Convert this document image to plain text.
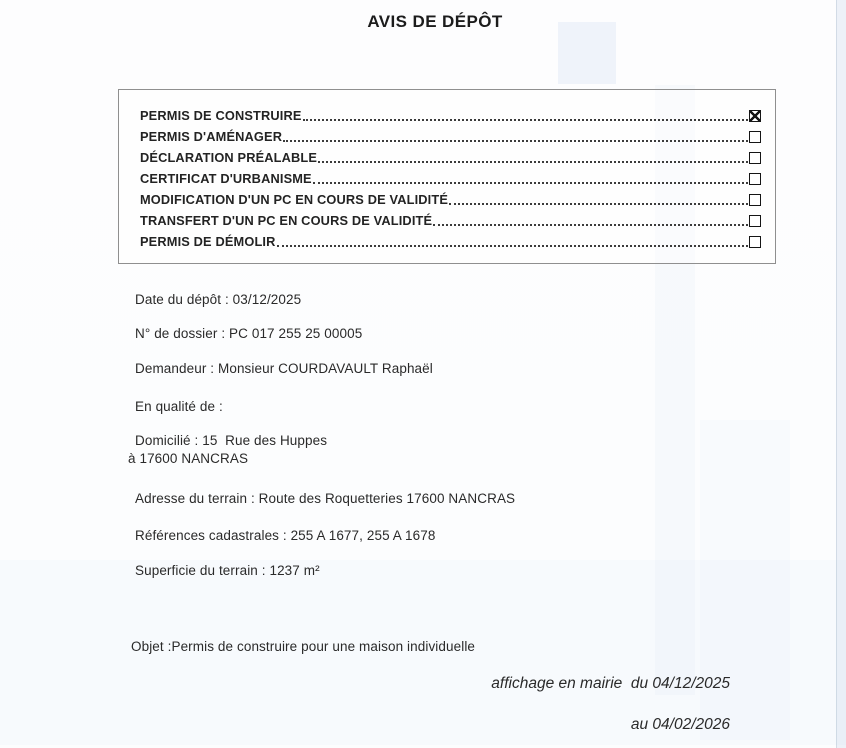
AVIS DE DÉPÔT
PERMIS DE CONSTRUIRE
PERMIS D'AMÉNAGER
DÉCLARATION PRÉALABLE
CERTIFICAT D'URBANISME
MODIFICATION D'UN PC EN COURS DE VALIDITÉ
TRANSFERT D'UN PC EN COURS DE VALIDITÉ
PERMIS DE DÉMOLIR
Date du dépôt : 03/12/2025
N° de dossier : PC 017 255 25 00005
Demandeur : Monsieur COURDAVAULT Raphaël
En qualité de :
Domicilié : 15  Rue des Huppes
à 17600 NANCRAS
Adresse du terrain : Route des Roquetteries 17600 NANCRAS
Références cadastrales : 255 A 1677, 255 A 1678
Superficie du terrain : 1237 m²
Objet :Permis de construire pour une maison individuelle
affichage en mairie  du 04/12/2025
au 04/02/2026
